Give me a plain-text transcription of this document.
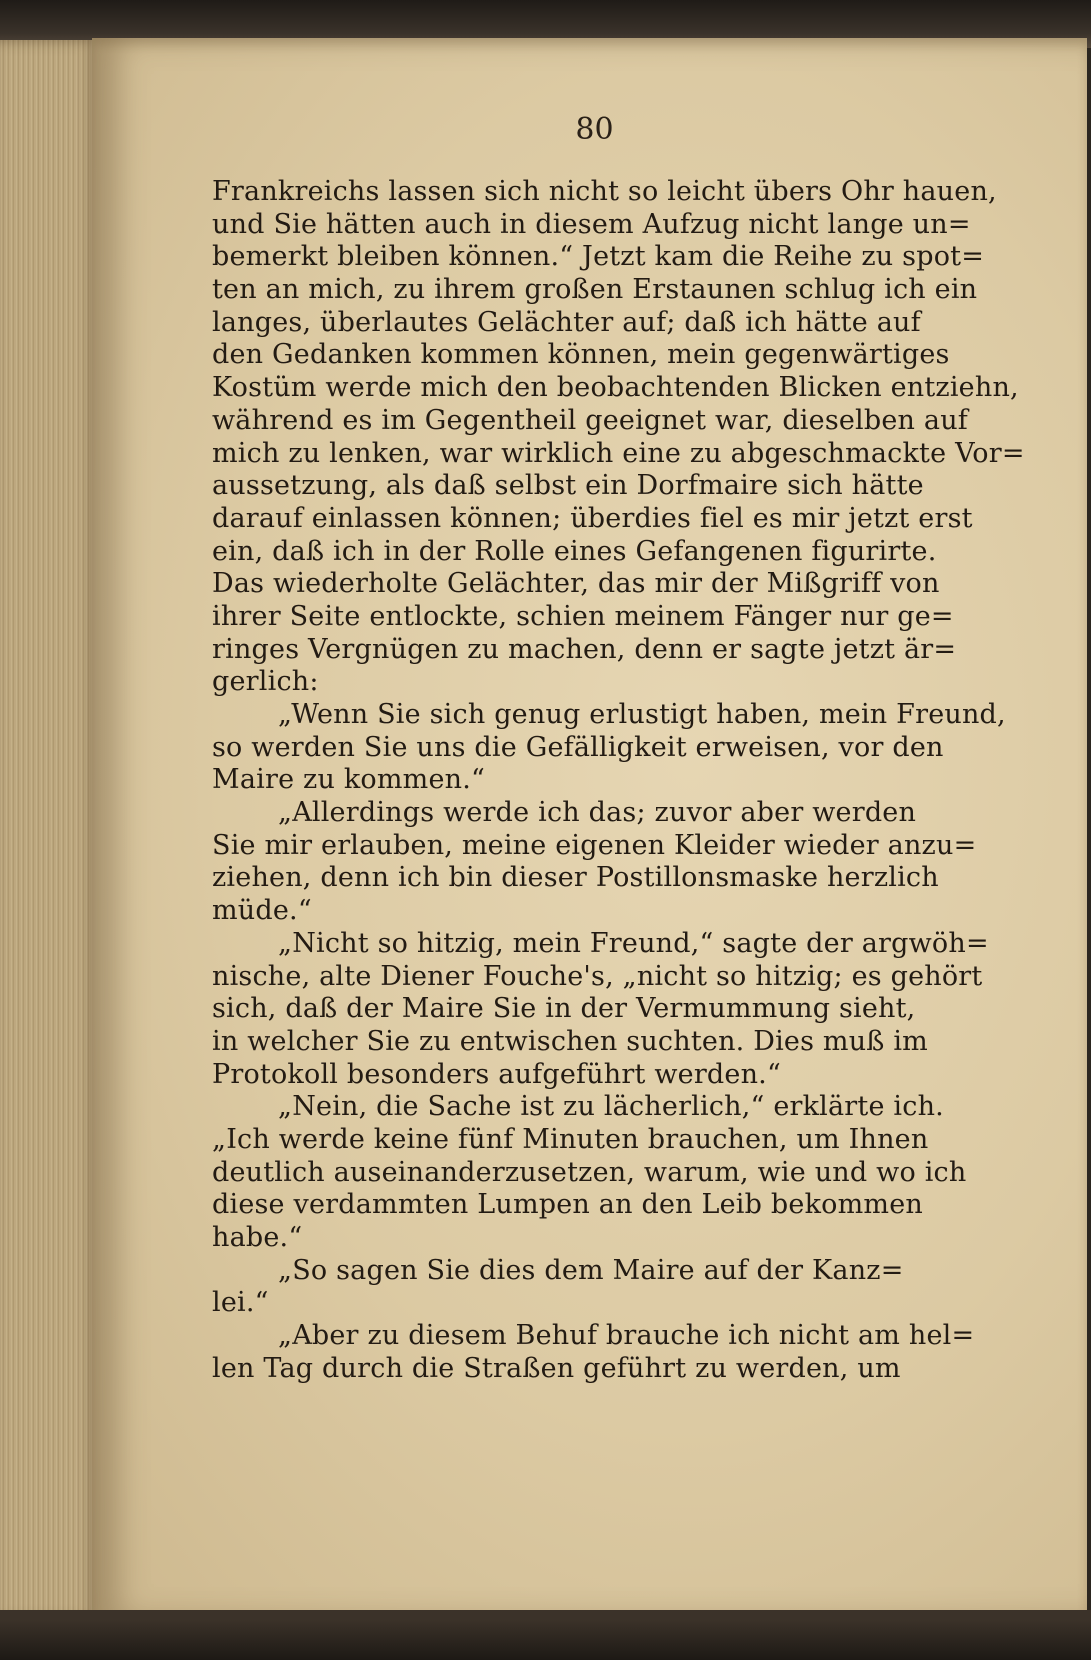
80
Frankreichs lassen sich nicht so leicht übers Ohr hauen,
und Sie hätten auch in diesem Aufzug nicht lange un=
bemerkt bleiben können.“ Jetzt kam die Reihe zu spot=
ten an mich, zu ihrem großen Erstaunen schlug ich ein
langes, überlautes Gelächter auf; daß ich hätte auf
den Gedanken kommen können, mein gegenwärtiges
Kostüm werde mich den beobachtenden Blicken entziehn,
während es im Gegentheil geeignet war, dieselben auf
mich zu lenken, war wirklich eine zu abgeschmackte Vor=
aussetzung, als daß selbst ein Dorfmaire sich hätte
darauf einlassen können; überdies fiel es mir jetzt erst
ein, daß ich in der Rolle eines Gefangenen figurirte.
Das wiederholte Gelächter, das mir der Mißgriff von
ihrer Seite entlockte, schien meinem Fänger nur ge=
ringes Vergnügen zu machen, denn er sagte jetzt är=
gerlich:
„Wenn Sie sich genug erlustigt haben, mein Freund,
so werden Sie uns die Gefälligkeit erweisen, vor den
Maire zu kommen.“
„Allerdings werde ich das; zuvor aber werden
Sie mir erlauben, meine eigenen Kleider wieder anzu=
ziehen, denn ich bin dieser Postillonsmaske herzlich
müde.“
„Nicht so hitzig, mein Freund,“ sagte der argwöh=
nische, alte Diener Fouche's, „nicht so hitzig; es gehört
sich, daß der Maire Sie in der Vermummung sieht,
in welcher Sie zu entwischen suchten. Dies muß im
Protokoll besonders aufgeführt werden.“
„Nein, die Sache ist zu lächerlich,“ erklärte ich.
„Ich werde keine fünf Minuten brauchen, um Ihnen
deutlich auseinanderzusetzen, warum, wie und wo ich
diese verdammten Lumpen an den Leib bekommen
habe.“
„So sagen Sie dies dem Maire auf der Kanz=
lei.“
„Aber zu diesem Behuf brauche ich nicht am hel=
len Tag durch die Straßen geführt zu werden, um
